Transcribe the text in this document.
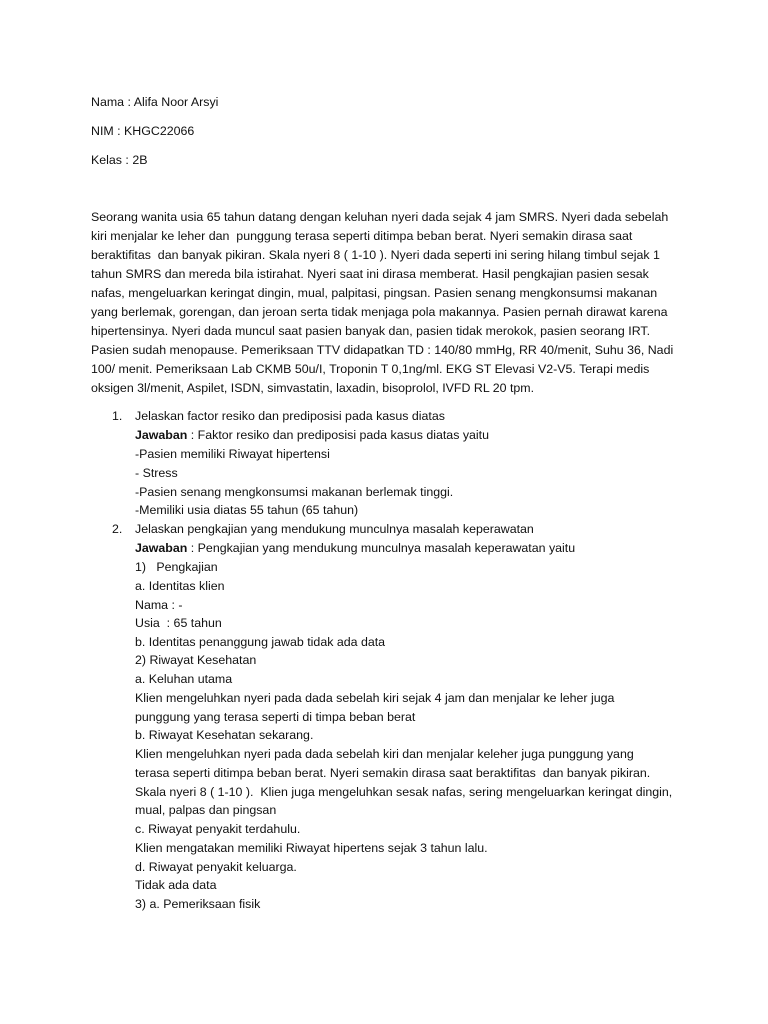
Nama : Alifa Noor Arsyi
NIM : KHGC22066
Kelas : 2B
Seorang wanita usia 65 tahun datang dengan keluhan nyeri dada sejak 4 jam SMRS. Nyeri dada sebelah
kiri menjalar ke leher dan  punggung terasa seperti ditimpa beban berat. Nyeri semakin dirasa saat
beraktifitas  dan banyak pikiran. Skala nyeri 8 ( 1-10 ). Nyeri dada seperti ini sering hilang timbul sejak 1
tahun SMRS dan mereda bila istirahat. Nyeri saat ini dirasa memberat. Hasil pengkajian pasien sesak
nafas, mengeluarkan keringat dingin, mual, palpitasi, pingsan. Pasien senang mengkonsumsi makanan
yang berlemak, gorengan, dan jeroan serta tidak menjaga pola makannya. Pasien pernah dirawat karena
hipertensinya. Nyeri dada muncul saat pasien banyak dan, pasien tidak merokok, pasien seorang IRT.
Pasien sudah menopause. Pemeriksaan TTV didapatkan TD : 140/80 mmHg, RR 40/menit, Suhu 36, Nadi
100/ menit. Pemeriksaan Lab CKMB 50u/I, Troponin T 0,1ng/ml. EKG ST Elevasi V2-V5. Terapi medis
oksigen 3l/menit, Aspilet, ISDN, simvastatin, laxadin, bisoprolol, IVFD RL 20 tpm.
1. Jelaskan factor resiko dan prediposisi pada kasus diatas
Jawaban : Faktor resiko dan prediposisi pada kasus diatas yaitu
-Pasien memiliki Riwayat hipertensi
- Stress
-Pasien senang mengkonsumsi makanan berlemak tinggi.
-Memiliki usia diatas 55 tahun (65 tahun)
2. Jelaskan pengkajian yang mendukung munculnya masalah keperawatan
Jawaban : Pengkajian yang mendukung munculnya masalah keperawatan yaitu
1)   Pengkajian
a. Identitas klien
Nama : -
Usia  : 65 tahun
b. Identitas penanggung jawab tidak ada data
2) Riwayat Kesehatan
a. Keluhan utama
Klien mengeluhkan nyeri pada dada sebelah kiri sejak 4 jam dan menjalar ke leher juga
punggung yang terasa seperti di timpa beban berat
b. Riwayat Kesehatan sekarang.
Klien mengeluhkan nyeri pada dada sebelah kiri dan menjalar keleher juga punggung yang
terasa seperti ditimpa beban berat. Nyeri semakin dirasa saat beraktifitas  dan banyak pikiran.
Skala nyeri 8 ( 1-10 ).  Klien juga mengeluhkan sesak nafas, sering mengeluarkan keringat dingin,
mual, palpas dan pingsan
c. Riwayat penyakit terdahulu.
Klien mengatakan memiliki Riwayat hipertens sejak 3 tahun lalu.
d. Riwayat penyakit keluarga.
Tidak ada data
3) a. Pemeriksaan fisik
